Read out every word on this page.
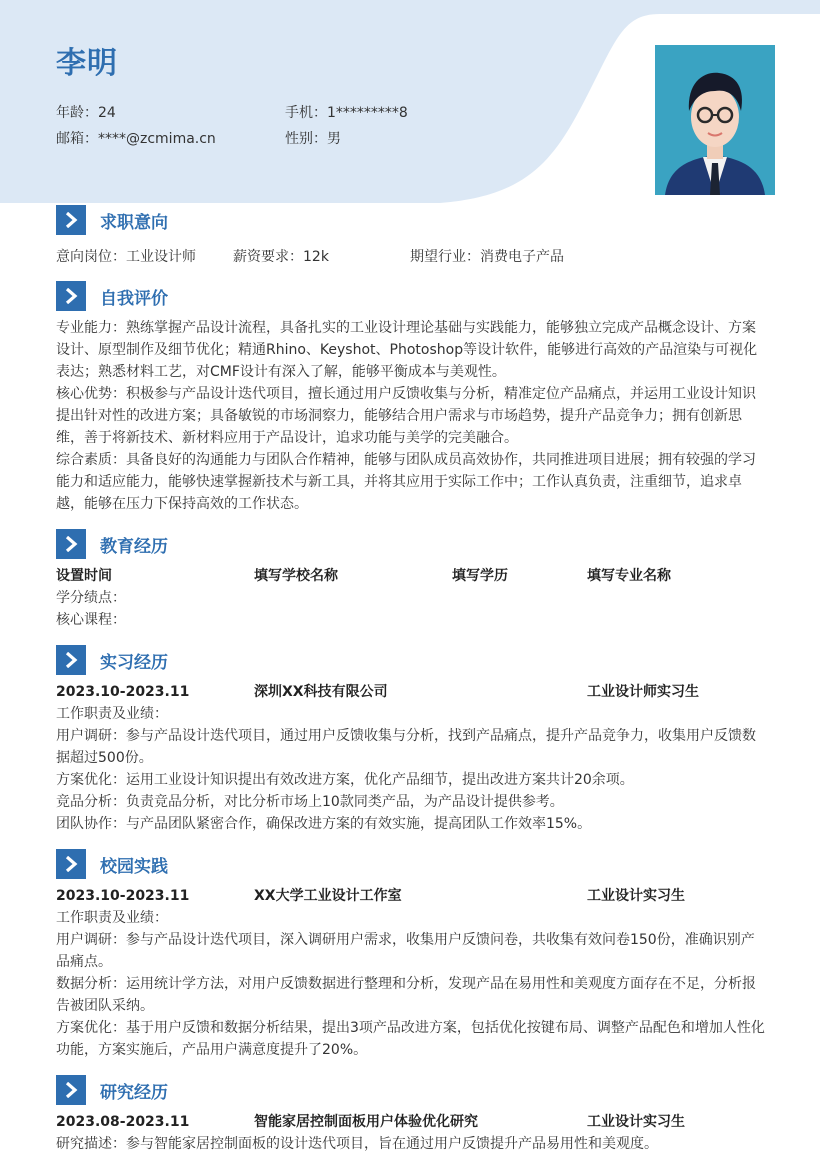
李明
年龄：24	手机：1*********8
邮箱：****@zcmima.cn	性别：男
求职意向
意向岗位：工业设计师	薪资要求：12k	期望行业：消费电子产品
自我评价

专业能力：熟练掌握产品设计流程，具备扎实的工业设计理论基础与实践能力，能够独立完成产品概念设计、方案设计、原型制作及细节优化；精通Rhino、Keyshot、Photoshop等设计软件，能够进行高效的产品渲染与可视化表达；熟悉材料工艺，对CMF设计有深入了解，能够平衡成本与美观性。

核心优势：积极参与产品设计迭代项目，擅长通过用户反馈收集与分析，精准定位产品痛点，并运用工业设计知识提出针对性的改进方案；具备敏锐的市场洞察力，能够结合用户需求与市场趋势，提升产品竞争力；拥有创新思维，善于将新技术、新材料应用于产品设计，追求功能与美学的完美融合。

综合素质：具备良好的沟通能力与团队合作精神，能够与团队成员高效协作，共同推进项目进展；拥有较强的学习能力和适应能力，能够快速掌握新技术与新工具，并将其应用于实际工作中；工作认真负责，注重细节，追求卓越，能够在压力下保持高效的工作状态。

教育经历
设置时间	填写学校名称	填写学历	填写专业名称

学分绩点：

核心课程：

实习经历
2023.10-2023.11	深圳XX科技有限公司	工业设计师实习生

工作职责及业绩：

用户调研：参与产品设计迭代项目，通过用户反馈收集与分析，找到产品痛点，提升产品竞争力，收集用户反馈数据超过500份。

方案优化：运用工业设计知识提出有效改进方案，优化产品细节，提出改进方案共计20余项。

竞品分析：负责竞品分析，对比分析市场上10款同类产品，为产品设计提供参考。

团队协作：与产品团队紧密合作，确保改进方案的有效实施，提高团队工作效率15%。

校园实践
2023.10-2023.11	XX大学工业设计工作室	工业设计实习生

工作职责及业绩：

用户调研：参与产品设计迭代项目，深入调研用户需求，收集用户反馈问卷，共收集有效问卷150份，准确识别产品痛点。

数据分析：运用统计学方法，对用户反馈数据进行整理和分析，发现产品在易用性和美观度方面存在不足，分析报告被团队采纳。

方案优化：基于用户反馈和数据分析结果，提出3项产品改进方案，包括优化按键布局、调整产品配色和增加人性化功能，方案实施后，产品用户满意度提升了20%。

研究经历
2023.08-2023.11	智能家居控制面板用户体验优化研究	工业设计实习生

研究描述：参与智能家居控制面板的设计迭代项目，旨在通过用户反馈提升产品易用性和美观度。
